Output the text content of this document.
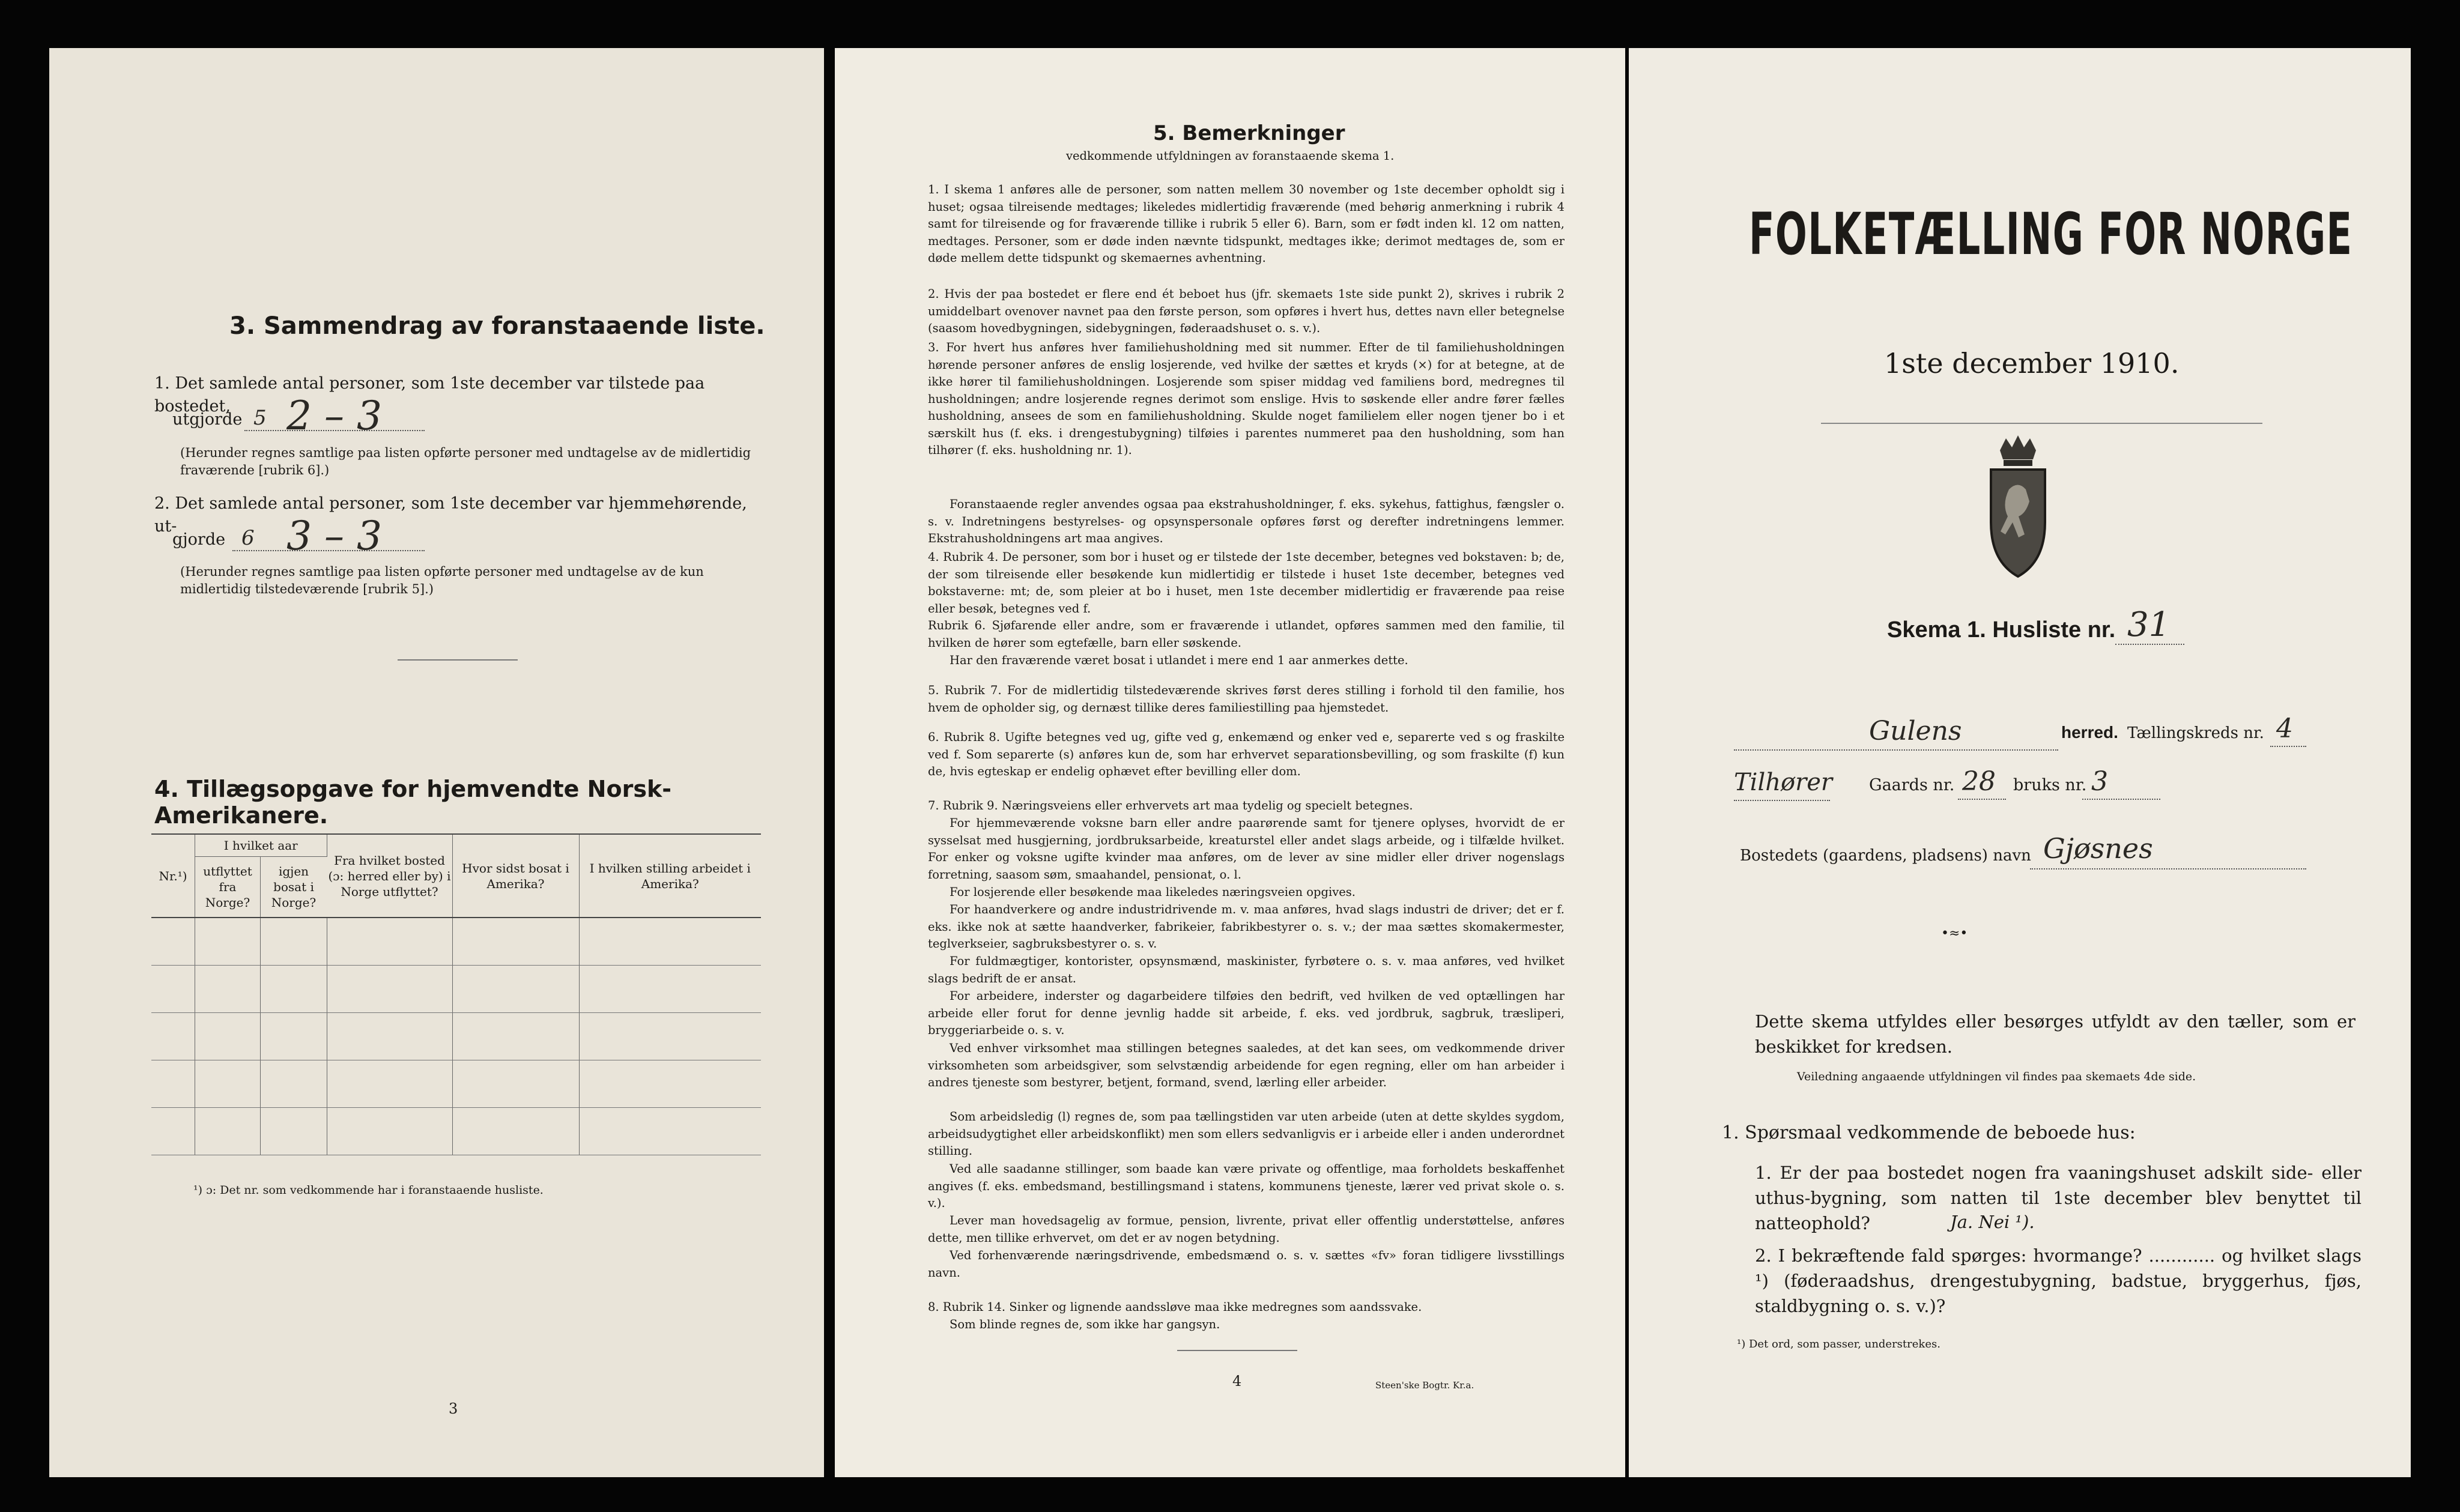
3. Sammendrag av foranstaaende liste.
1. Det samlede antal personer, som 1ste december var tilstede paa bostedet,
utgjorde 5 2 – 3
(Herunder regnes samtlige paa listen opførte personer med undtagelse av de midlertidig fraværende [rubrik 6].)
2. Det samlede antal personer, som 1ste december var hjemmehørende, ut-
gjorde 6 3 – 3
(Herunder regnes samtlige paa listen opførte personer med undtagelse av de kun midlertidig tilstedeværende [rubrik 5].)
4. Tillægsopgave for hjemvendte Norsk-Amerikanere.
Nr.¹)	I hvilket aar		Fra hvilket bosted (ɔ: herred eller by) i Norge utflyttet?	Hvor sidst bosat i Amerika?	I hvilken stilling arbeidet i Amerika?
	utflyttet fra Norge?	igjen bosat i Norge?			

¹) ɔ: Det nr. som vedkommende har i foranstaaende husliste.
3
5. Bemerkninger
vedkommende utfyldningen av foranstaaende skema 1.
1. I skema 1 anføres alle de personer, som natten mellem 30 november og 1ste december opholdt sig i huset; ogsaa tilreisende medtages; likeledes midlertidig fraværende (med behørig anmerkning i rubrik 4 samt for tilreisende og for fraværende tillike i rubrik 5 eller 6). Barn, som er født inden kl. 12 om natten, medtages. Personer, som er døde inden nævnte tidspunkt, medtages ikke; derimot medtages de, som er døde mellem dette tidspunkt og skemaernes avhentning.
2. Hvis der paa bostedet er flere end ét beboet hus (jfr. skemaets 1ste side punkt 2), skrives i rubrik 2 umiddelbart ovenover navnet paa den første person, som opføres i hvert hus, dettes navn eller betegnelse (saasom hovedbygningen, sidebygningen, føderaadshuset o. s. v.).
3. For hvert hus anføres hver familiehusholdning med sit nummer. Efter de til familiehusholdningen hørende personer anføres de enslig losjerende, ved hvilke der sættes et kryds (×) for at betegne, at de ikke hører til familiehusholdningen. Losjerende som spiser middag ved familiens bord, medregnes til husholdningen; andre losjerende regnes derimot som enslige. Hvis to søskende eller andre fører fælles husholdning, ansees de som en familiehusholdning. Skulde noget familielem eller nogen tjener bo i et særskilt hus (f. eks. i drengestubygning) tilføies i parentes nummeret paa den husholdning, som han tilhører (f. eks. husholdning nr. 1).
Foranstaaende regler anvendes ogsaa paa ekstrahusholdninger, f. eks. sykehus, fattighus, fængsler o. s. v. Indretningens bestyrelses- og opsynspersonale opføres først og derefter indretningens lemmer. Ekstrahusholdningens art maa angives.
4. Rubrik 4. De personer, som bor i huset og er tilstede der 1ste december, betegnes ved bokstaven: b; de, der som tilreisende eller besøkende kun midlertidig er tilstede i huset 1ste december, betegnes ved bokstaverne: mt; de, som pleier at bo i huset, men 1ste december midlertidig er fraværende paa reise eller besøk, betegnes ved f.
Rubrik 6. Sjøfarende eller andre, som er fraværende i utlandet, opføres sammen med den familie, til hvilken de hører som egtefælle, barn eller søskende.
Har den fraværende været bosat i utlandet i mere end 1 aar anmerkes dette.
5. Rubrik 7. For de midlertidig tilstedeværende skrives først deres stilling i forhold til den familie, hos hvem de opholder sig, og dernæst tillike deres familiestilling paa hjemstedet.
6. Rubrik 8. Ugifte betegnes ved ug, gifte ved g, enkemænd og enker ved e, separerte ved s og fraskilte ved f. Som separerte (s) anføres kun de, som har erhvervet separationsbevilling, og som fraskilte (f) kun de, hvis egteskap er endelig ophævet efter bevilling eller dom.
7. Rubrik 9. Næringsveiens eller erhvervets art maa tydelig og specielt betegnes.
For hjemmeværende voksne barn eller andre paarørende samt for tjenere oplyses, hvorvidt de er sysselsat med husgjerning, jordbruksarbeide, kreaturstel eller andet slags arbeide, og i tilfælde hvilket. For enker og voksne ugifte kvinder maa anføres, om de lever av sine midler eller driver nogenslags forretning, saasom søm, smaahandel, pensionat, o. l.
For losjerende eller besøkende maa likeledes næringsveien opgives.
For haandverkere og andre industridrivende m. v. maa anføres, hvad slags industri de driver; det er f. eks. ikke nok at sætte haandverker, fabrikeier, fabrikbestyrer o. s. v.; der maa sættes skomakermester, teglverkseier, sagbruksbestyrer o. s. v.
For fuldmægtiger, kontorister, opsynsmænd, maskinister, fyrbøtere o. s. v. maa anføres, ved hvilket slags bedrift de er ansat.
For arbeidere, inderster og dagarbeidere tilføies den bedrift, ved hvilken de ved optællingen har arbeide eller forut for denne jevnlig hadde sit arbeide, f. eks. ved jordbruk, sagbruk, træsliperi, bryggeriarbeide o. s. v.
Ved enhver virksomhet maa stillingen betegnes saaledes, at det kan sees, om vedkommende driver virksomheten som arbeidsgiver, som selvstændig arbeidende for egen regning, eller om han arbeider i andres tjeneste som bestyrer, betjent, formand, svend, lærling eller arbeider.
Som arbeidsledig (l) regnes de, som paa tællingstiden var uten arbeide (uten at dette skyldes sygdom, arbeidsudygtighet eller arbeidskonflikt) men som ellers sedvanligvis er i arbeide eller i anden underordnet stilling.
Ved alle saadanne stillinger, som baade kan være private og offentlige, maa forholdets beskaffenhet angives (f. eks. embedsmand, bestillingsmand i statens, kommunens tjeneste, lærer ved privat skole o. s. v.).
Lever man hovedsagelig av formue, pension, livrente, privat eller offentlig understøttelse, anføres dette, men tillike erhvervet, om det er av nogen betydning.
Ved forhenværende næringsdrivende, embedsmænd o. s. v. sættes «fv» foran tidligere livsstillings navn.
8. Rubrik 14. Sinker og lignende aandssløve maa ikke medregnes som aandssvake.
Som blinde regnes de, som ikke har gangsyn.
4	Steen'ske Bogtr. Kr.a.
FOLKETÆLLING FOR NORGE
1ste december 1910.
Skema 1. Husliste nr. 31
Gulens	herred. Tællingskreds nr. 4
Tilhører Gaards nr. 28 bruks nr. 3
Bostedets (gaardens, pladsens) navn Gjøsnes
•≈•
Dette skema utfyldes eller besørges utfyldt av den tæller, som er beskikket for kredsen.
Veiledning angaaende utfyldningen vil findes paa skemaets 4de side.
1. Spørsmaal vedkommende de beboede hus:
1. Er der paa bostedet nogen fra vaaningshuset adskilt side- eller uthus-bygning, som natten til 1ste december blev benyttet til natteophold?	Ja. Nei ¹).
2. I bekræftende fald spørges: hvormange? ............ og hvilket slags ¹) (føderaadshus, drengestubygning, badstue, bryggerhus, fjøs, staldbygning o. s. v.)?
¹) Det ord, som passer, understrekes.
